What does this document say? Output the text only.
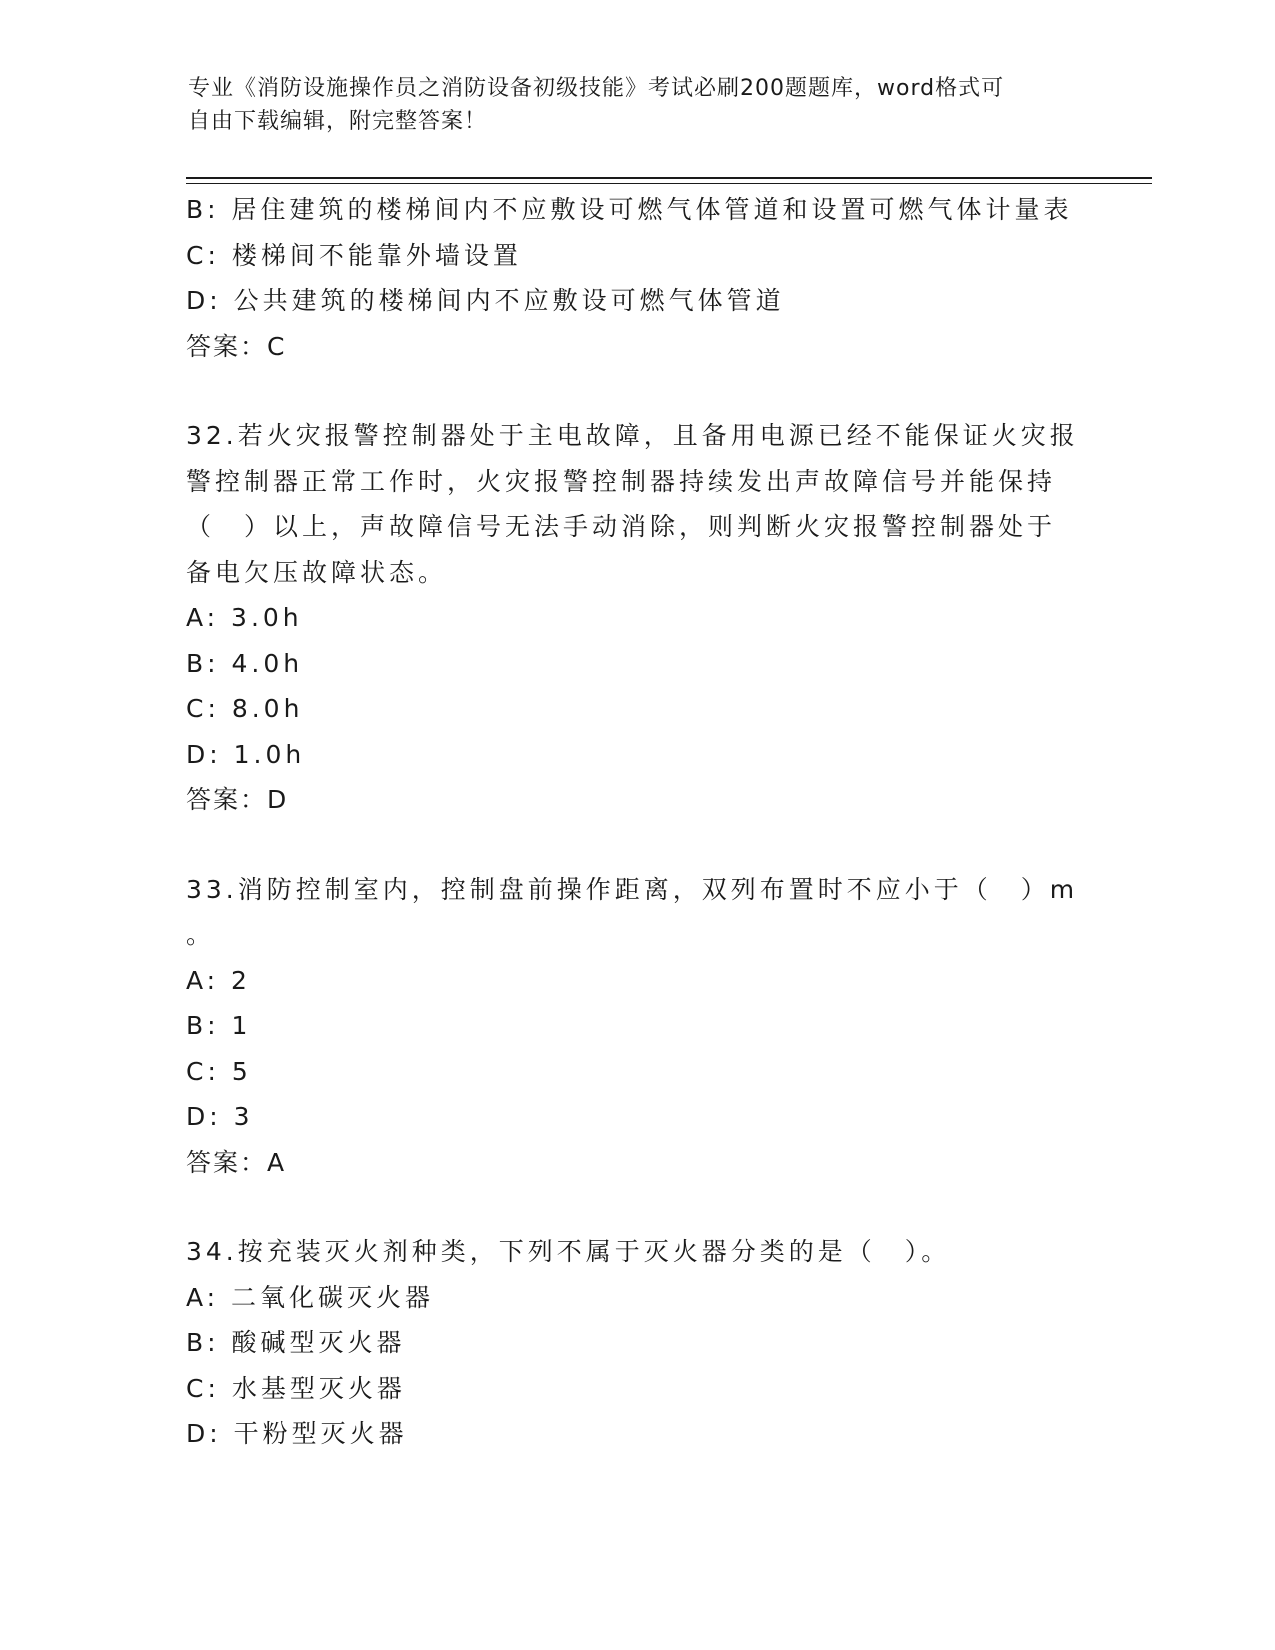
专业《消防设施操作员之消防设备初级技能》考试必刷200题题库，word格式可
自由下载编辑，附完整答案！
B: 居住建筑的楼梯间内不应敷设可燃气体管道和设置可燃气体计量表
C: 楼梯间不能靠外墙设置
D: 公共建筑的楼梯间内不应敷设可燃气体管道
答案：C
32.若火灾报警控制器处于主电故障，且备用电源已经不能保证火灾报
警控制器正常工作时，火灾报警控制器持续发出声故障信号并能保持
（　）以上，声故障信号无法手动消除，则判断火灾报警控制器处于
备电欠压故障状态。
A: 3.0h
B: 4.0h
C: 8.0h
D: 1.0h
答案：D
33.消防控制室内，控制盘前操作距离，双列布置时不应小于（　）m
。
A: 2
B: 1
C: 5
D: 3
答案：A
34.按充装灭火剂种类，下列不属于灭火器分类的是（　）。
A: 二氧化碳灭火器
B: 酸碱型灭火器
C: 水基型灭火器
D: 干粉型灭火器
